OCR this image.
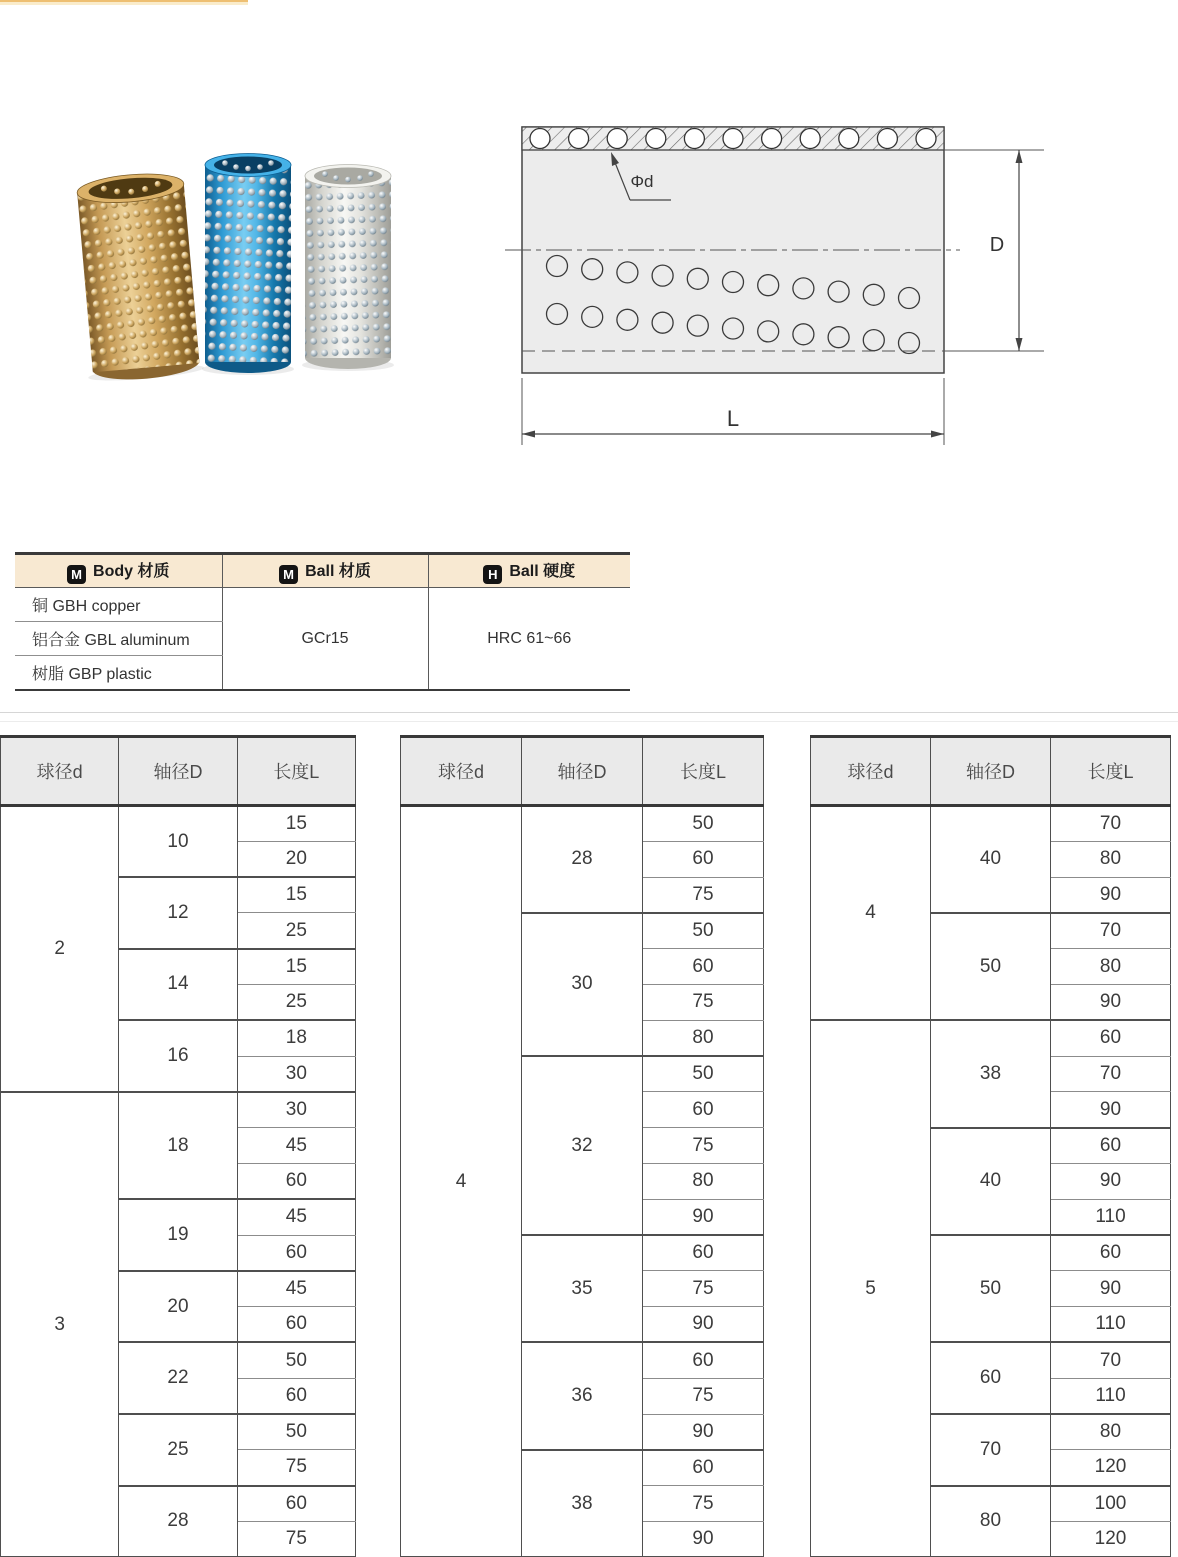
Φd
D
L
M Body 材质	M Ball 材质	H Ball 硬度
铜 GBH copper	GCr15	HRC 61~66
铝合金 GBL aluminum		
树脂 GBP plastic		
球径d	轴径D	长度L
2	10	15
		20
	12	15
		25
	14	15
		25
	16	18
		30
3	18	30
		45
		60
	19	45
		60
	20	45
		60
	22	50
		60
	25	50
		75
	28	60
		75
球径d	轴径D	长度L
4	28	50
		60
		75
	30	50
		60
		75
		80
	32	50
		60
		75
		80
		90
	35	60
		75
		90
	36	60
		75
		90
	38	60
		75
		90
球径d	轴径D	长度L
4	40	70
		80
		90
	50	70
		80
		90
5	38	60
		70
		90
	40	60
		90
		110
	50	60
		90
		110
	60	70
		110
	70	80
		120
	80	100
		120
